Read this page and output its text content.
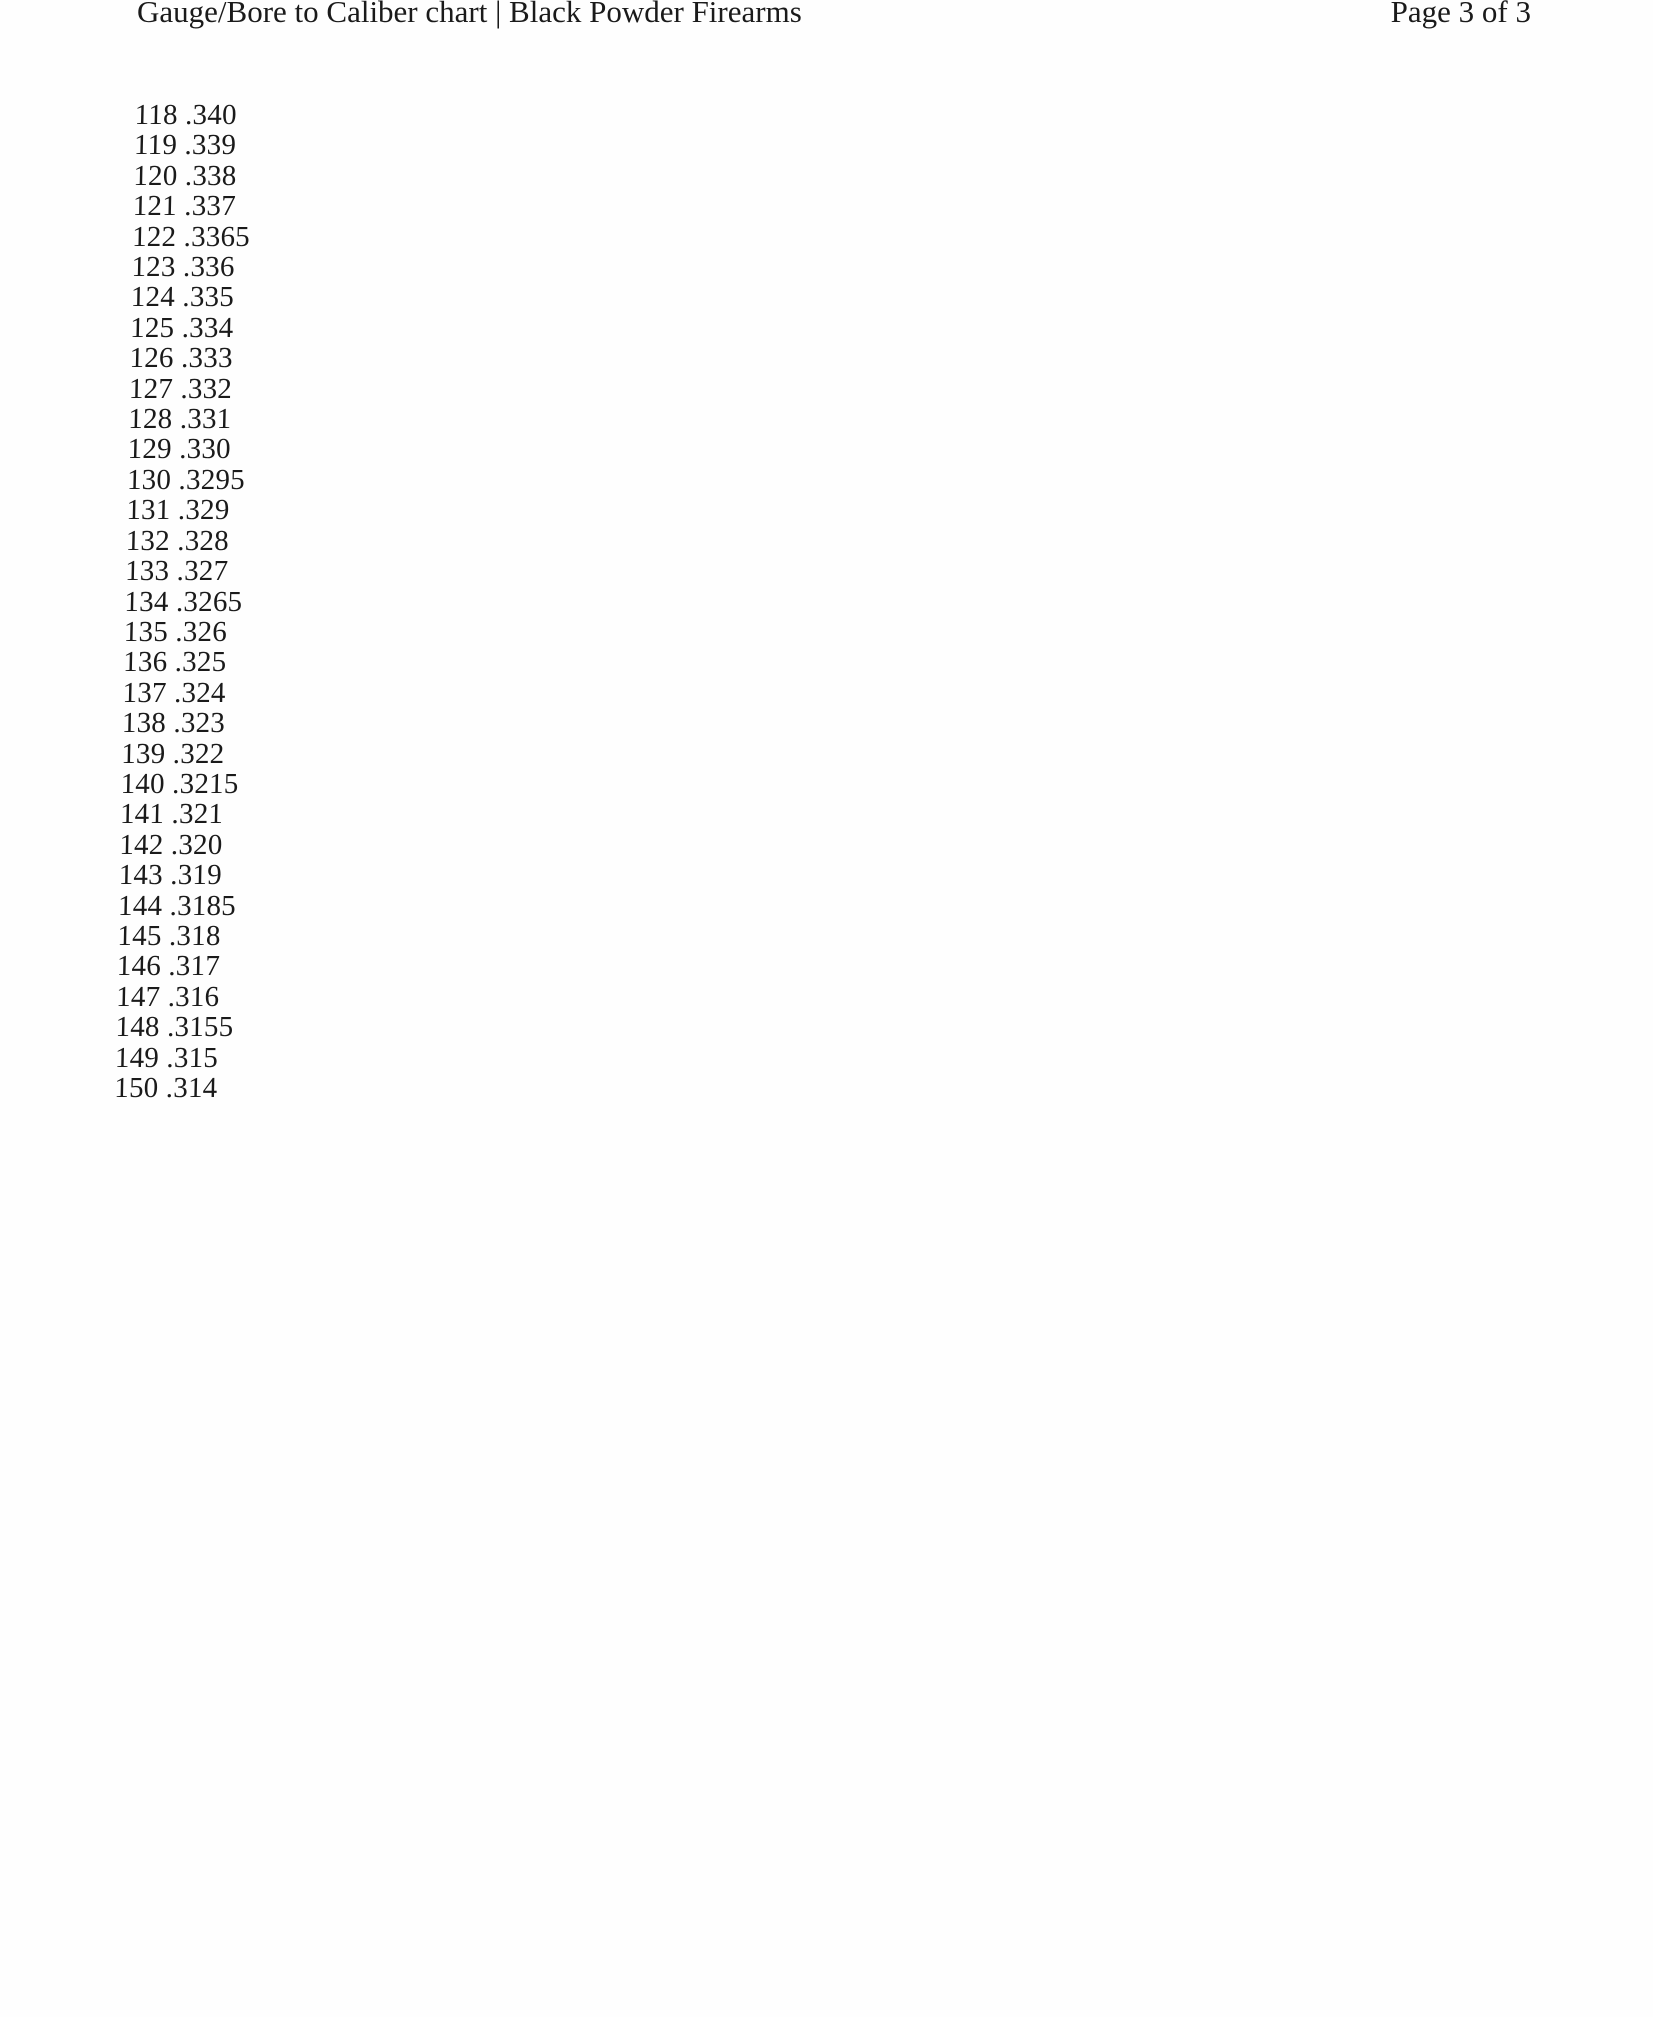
Gauge/Bore to Caliber chart | Black Powder Firearms	Page 3 of 3
118 .340
119 .339
120 .338
121 .337
122 .3365
123 .336
124 .335
125 .334
126 .333
127 .332
128 .331
129 .330
130 .3295
131 .329
132 .328
133 .327
134 .3265
135 .326
136 .325
137 .324
138 .323
139 .322
140 .3215
141 .321
142 .320
143 .319
144 .3185
145 .318
146 .317
147 .316
148 .3155
149 .315
150 .314
